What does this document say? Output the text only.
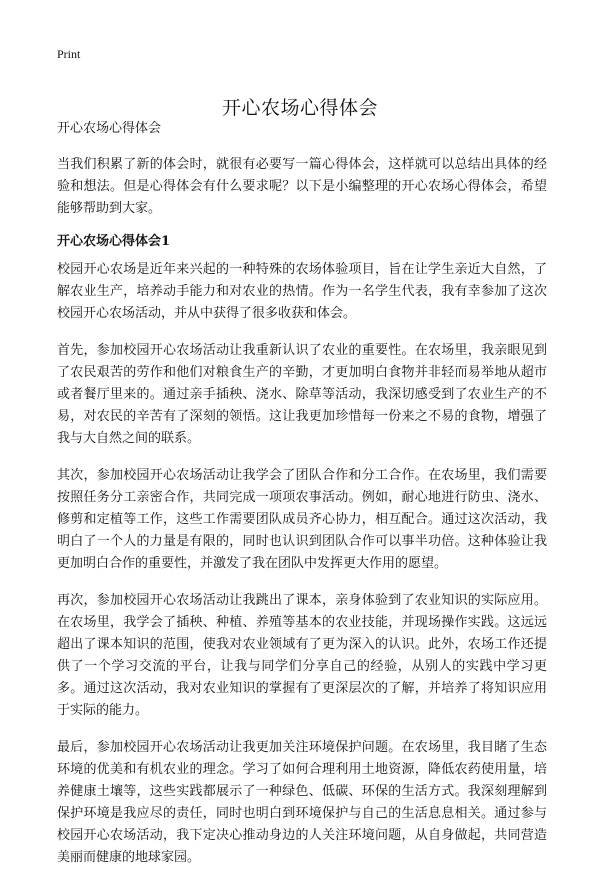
Print
开心农场心得体会

开心农场心得体会

当我们积累了新的体会时，就很有必要写一篇心得体会，这样就可以总结出具体的经验和想法。但是心得体会有什么要求呢？以下是小编整理的开心农场心得体会，希望能够帮助到大家。

开心农场心得体会1

校园开心农场是近年来兴起的一种特殊的农场体验项目，旨在让学生亲近大自然，了解农业生产，培养动手能力和对农业的热情。作为一名学生代表，我有幸参加了这次校园开心农场活动，并从中获得了很多收获和体会。

首先，参加校园开心农场活动让我重新认识了农业的重要性。在农场里，我亲眼见到了农民艰苦的劳作和他们对粮食生产的辛勤，才更加明白食物并非轻而易举地从超市或者餐厅里来的。通过亲手插秧、浇水、除草等活动，我深切感受到了农业生产的不易，对农民的辛苦有了深刻的领悟。这让我更加珍惜每一份来之不易的食物，增强了我与大自然之间的联系。

其次，参加校园开心农场活动让我学会了团队合作和分工合作。在农场里，我们需要按照任务分工亲密合作，共同完成一项项农事活动。例如，耐心地进行防虫、浇水、修剪和定植等工作，这些工作需要团队成员齐心协力，相互配合。通过这次活动，我明白了一个人的力量是有限的，同时也认识到团队合作可以事半功倍。这种体验让我更加明白合作的重要性，并激发了我在团队中发挥更大作用的愿望。

再次，参加校园开心农场活动让我跳出了课本，亲身体验到了农业知识的实际应用。在农场里，我学会了插秧、种植、养殖等基本的农业技能，并现场操作实践。这远远超出了课本知识的范围，使我对农业领域有了更为深入的认识。此外，农场工作还提供了一个学习交流的平台，让我与同学们分享自己的经验，从别人的实践中学习更多。通过这次活动，我对农业知识的掌握有了更深层次的了解，并培养了将知识应用于实际的能力。

最后，参加校园开心农场活动让我更加关注环境保护问题。在农场里，我目睹了生态环境的优美和有机农业的理念。学习了如何合理利用土地资源，降低农药使用量，培养健康土壤等，这些实践都展示了一种绿色、低碳、环保的生活方式。我深刻理解到保护环境是我应尽的责任，同时也明白到环境保护与自己的生活息息相关。通过参与校园开心农场活动，我下定决心推动身边的人关注环境问题，从自身做起，共同营造美丽而健康的地球家园。
